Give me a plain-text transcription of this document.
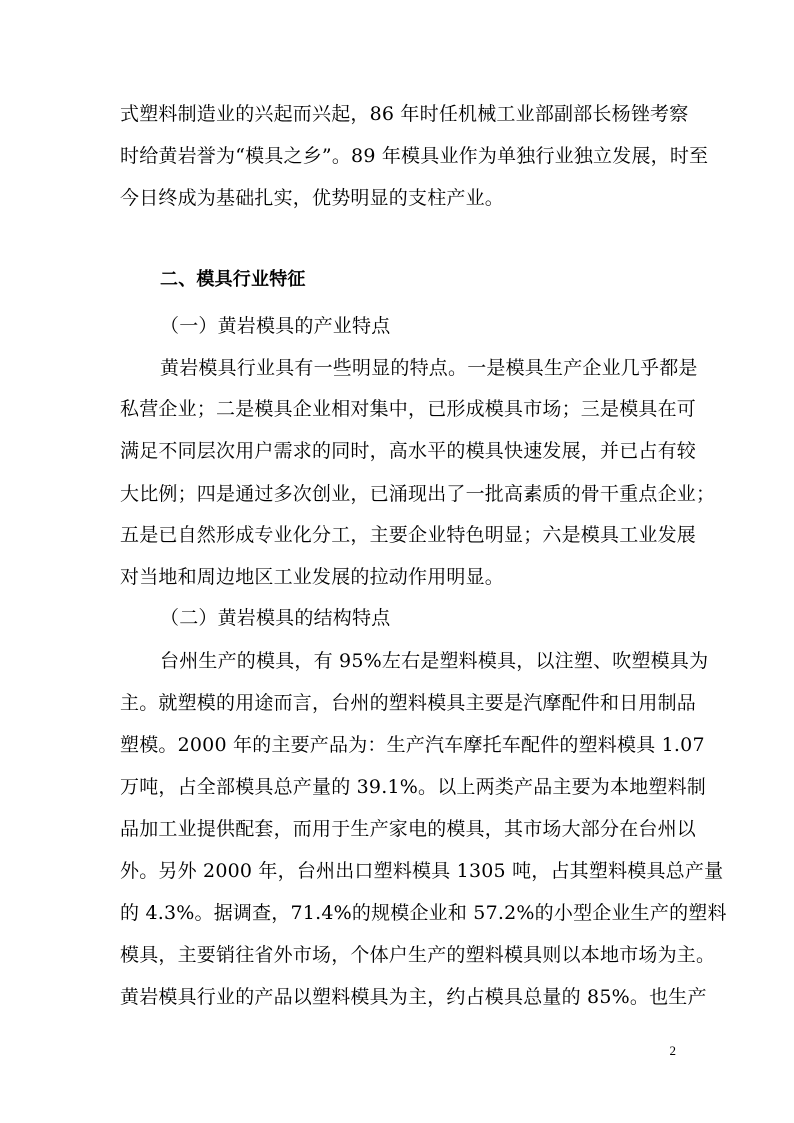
式塑料制造业的兴起而兴起，86 年时任机械工业部副部长杨锉考察
时给黄岩誉为“模具之乡”。89 年模具业作为单独行业独立发展，时至
今日终成为基础扎实，优势明显的支柱产业。
二、模具行业特征
（一）黄岩模具的产业特点
黄岩模具行业具有一些明显的特点。一是模具生产企业几乎都是
私营企业；二是模具企业相对集中，已形成模具市场；三是模具在可
满足不同层次用户需求的同时，高水平的模具快速发展，并已占有较
大比例；四是通过多次创业，已涌现出了一批高素质的骨干重点企业；
五是已自然形成专业化分工，主要企业特色明显；六是模具工业发展
对当地和周边地区工业发展的拉动作用明显。
（二）黄岩模具的结构特点
台州生产的模具，有 95%左右是塑料模具，以注塑、吹塑模具为
主。就塑模的用途而言，台州的塑料模具主要是汽摩配件和日用制品
塑模。2000 年的主要产品为：生产汽车摩托车配件的塑料模具 1.07
万吨，占全部模具总产量的 39.1%。以上两类产品主要为本地塑料制
品加工业提供配套，而用于生产家电的模具，其市场大部分在台州以
外。另外 2000 年，台州出口塑料模具 1305 吨，占其塑料模具总产量
的 4.3%。据调查，71.4%的规模企业和 57.2%的小型企业生产的塑料
模具，主要销往省外市场，个体户生产的塑料模具则以本地市场为主。
黄岩模具行业的产品以塑料模具为主，约占模具总量的 85%。也生产
2
